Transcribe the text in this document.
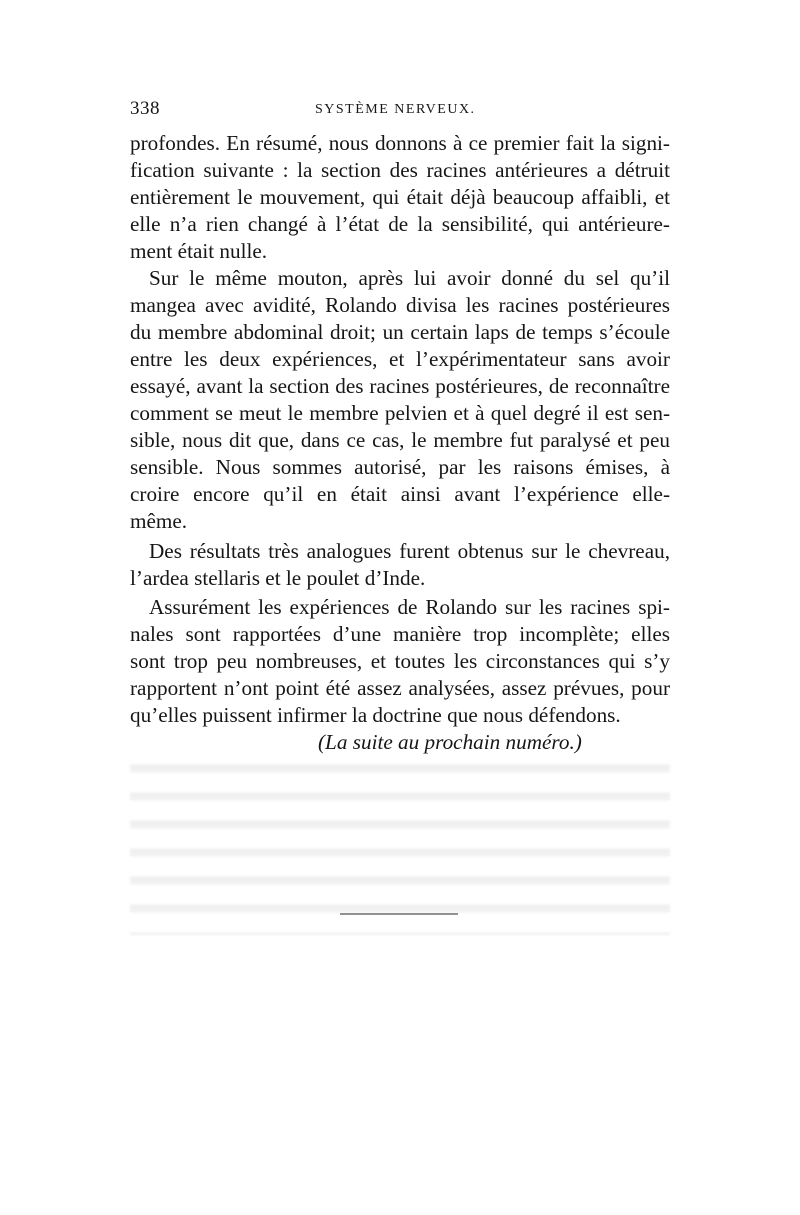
338	SYSTÈME NERVEUX.
profondes. En résumé, nous donnons à ce premier fait la signi-
fication suivante : la section des racines antérieures a détruit
entièrement le mouvement, qui était déjà beaucoup affaibli, et
elle n’a rien changé à l’état de la sensibilité, qui antérieure-
ment était nulle.
Sur le même mouton, après lui avoir donné du sel qu’il
mangea avec avidité, Rolando divisa les racines postérieures
du membre abdominal droit; un certain laps de temps s’écoule
entre les deux expériences, et l’expérimentateur sans avoir
essayé, avant la section des racines postérieures, de reconnaître
comment se meut le membre pelvien et à quel degré il est sen-
sible, nous dit que, dans ce cas, le membre fut paralysé et peu
sensible. Nous sommes autorisé, par les raisons émises, à
croire encore qu’il en était ainsi avant l’expérience elle-
même.
Des résultats très analogues furent obtenus sur le chevreau,
l’ardea stellaris et le poulet d’Inde.
Assurément les expériences de Rolando sur les racines spi-
nales sont rapportées d’une manière trop incomplète; elles
sont trop peu nombreuses, et toutes les circonstances qui s’y
rapportent n’ont point été assez analysées, assez prévues, pour
qu’elles puissent infirmer la doctrine que nous défendons.
(La suite au prochain numéro.)
